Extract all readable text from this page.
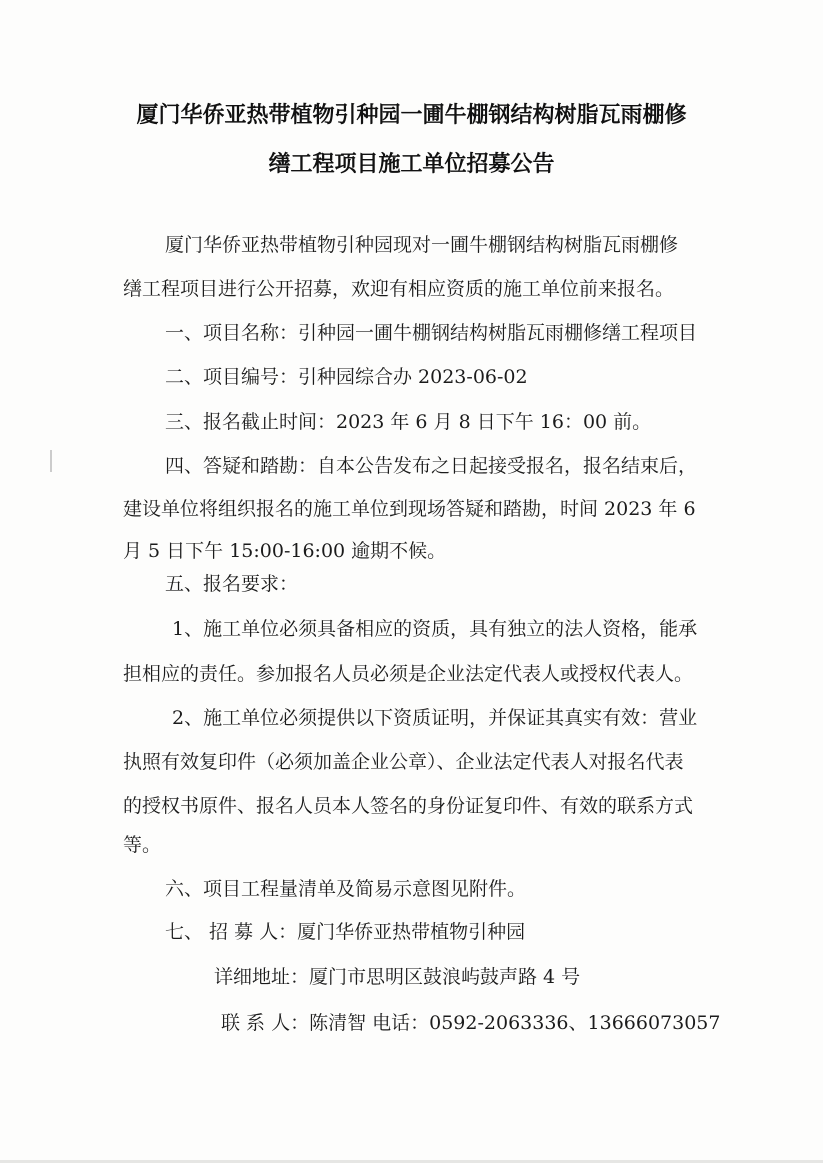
厦门华侨亚热带植物引种园一圃牛棚钢结构树脂瓦雨棚修
缮工程项目施工单位招募公告
厦门华侨亚热带植物引种园现对一圃牛棚钢结构树脂瓦雨棚修
缮工程项目进行公开招募，欢迎有相应资质的施工单位前来报名。
一、项目名称：引种园一圃牛棚钢结构树脂瓦雨棚修缮工程项目
二、项目编号：引种园综合办 2023-06-02
三、报名截止时间：2023 年 6 月 8 日下午 16：00 前。
四、答疑和踏勘：自本公告发布之日起接受报名，报名结束后，
建设单位将组织报名的施工单位到现场答疑和踏勘，时间 2023 年 6
月 5 日下午 15:00-16:00 逾期不候。
五、报名要求：
1、施工单位必须具备相应的资质，具有独立的法人资格，能承
担相应的责任。参加报名人员必须是企业法定代表人或授权代表人。
2、施工单位必须提供以下资质证明，并保证其真实有效：营业
执照有效复印件（必须加盖企业公章）、企业法定代表人对报名代表
的授权书原件、报名人员本人签名的身份证复印件、有效的联系方式
等。
六、项目工程量清单及简易示意图见附件。
七、 招 募 人：厦门华侨亚热带植物引种园
详细地址：厦门市思明区鼓浪屿鼓声路 4 号
联 系 人：陈清智 电话：0592-2063336、13666073057
